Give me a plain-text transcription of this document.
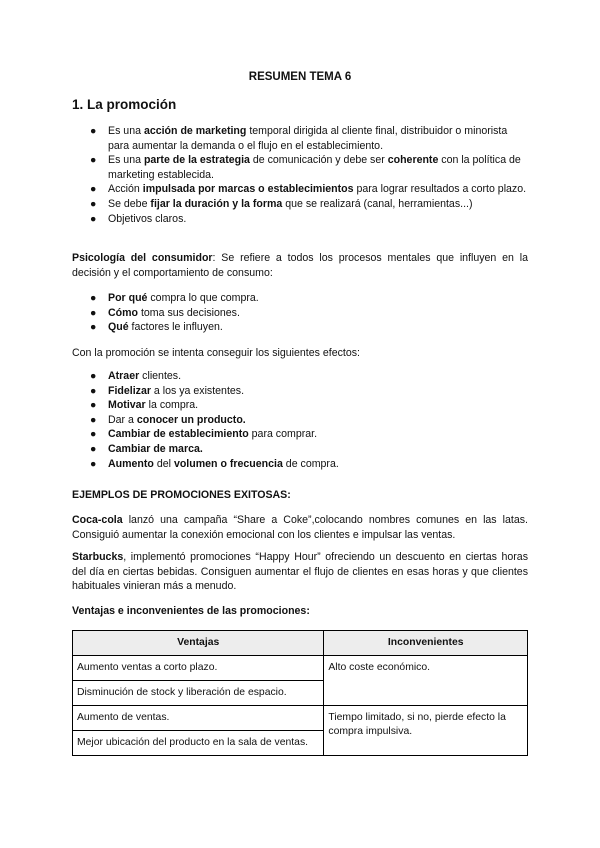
RESUMEN TEMA 6
1. La promoción
● Es una acción de marketing temporal dirigida al cliente final, distribuidor o minorista para aumentar la demanda o el flujo en el establecimiento.
● Es una parte de la estrategia de comunicación y debe ser coherente con la política de marketing establecida.
● Acción impulsada por marcas o establecimientos para lograr resultados a corto plazo.
● Se debe fijar la duración y la forma que se realizará (canal, herramientas...)
● Objetivos claros.
Psicología del consumidor: Se refiere a todos los procesos mentales que influyen en la decisión y el comportamiento de consumo:
● Por qué compra lo que compra.
● Cómo toma sus decisiones.
● Qué factores le influyen.
Con la promoción se intenta conseguir los siguientes efectos:
● Atraer clientes.
● Fidelizar a los ya existentes.
● Motivar la compra.
● Dar a conocer un producto.
● Cambiar de establecimiento para comprar.
● Cambiar de marca.
● Aumento del volumen o frecuencia de compra.
EJEMPLOS DE PROMOCIONES EXITOSAS:
Coca-cola lanzó una campaña “Share a Coke”,colocando nombres comunes en las latas. Consiguió aumentar la conexión emocional con los clientes e impulsar las ventas.
Starbucks, implementó promociones “Happy Hour” ofreciendo un descuento en ciertas horas del día en ciertas bebidas. Consiguen aumentar el flujo de clientes en esas horas y que clientes habituales vinieran más a menudo.
Ventajas e inconvenientes de las promociones:
Ventajas	Inconvenientes
Aumento ventas a corto plazo.	Alto coste económico.
Disminución de stock y liberación de espacio.	
Aumento de ventas.	Tiempo limitado, si no, pierde efecto la compra impulsiva.
Mejor ubicación del producto en la sala de ventas.	
